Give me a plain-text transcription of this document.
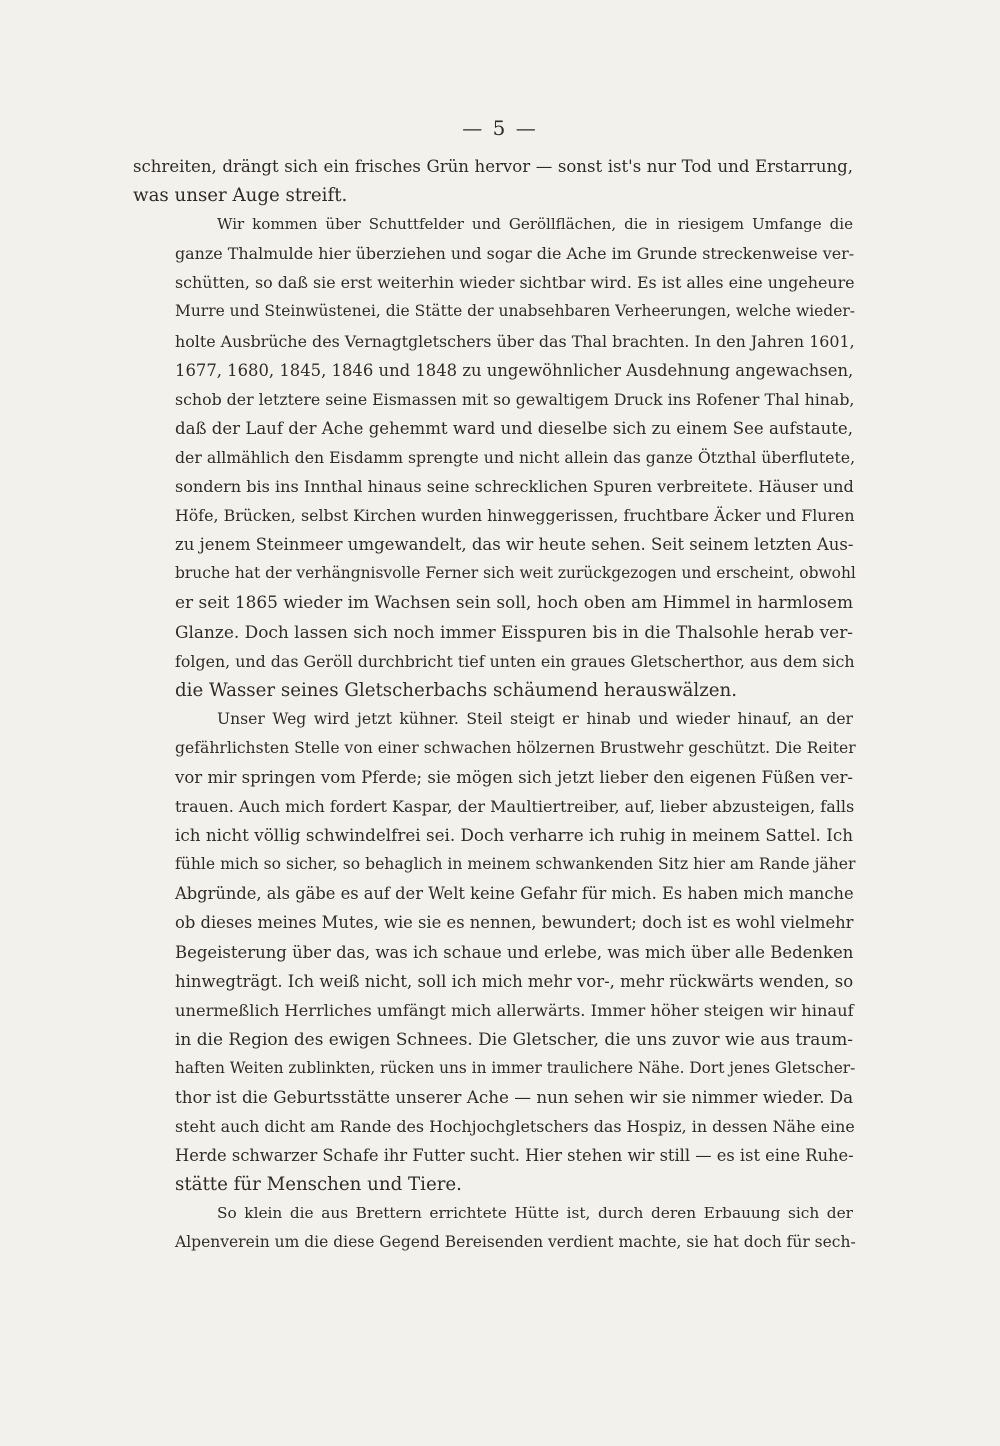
— 5 —
schreiten, drängt sich ein frisches Grün hervor — sonst ist's nur Tod und Erstarrung,
was unser Auge streift.
Wir kommen über Schuttfelder und Geröllflächen, die in riesigem Umfange die
ganze Thalmulde hier überziehen und sogar die Ache im Grunde streckenweise ver-
schütten, so daß sie erst weiterhin wieder sichtbar wird. Es ist alles eine ungeheure
Murre und Steinwüstenei, die Stätte der unabsehbaren Verheerungen, welche wieder-
holte Ausbrüche des Vernagtgletschers über das Thal brachten. In den Jahren 1601,
1677, 1680, 1845, 1846 und 1848 zu ungewöhnlicher Ausdehnung angewachsen,
schob der letztere seine Eismassen mit so gewaltigem Druck ins Rofener Thal hinab,
daß der Lauf der Ache gehemmt ward und dieselbe sich zu einem See aufstaute,
der allmählich den Eisdamm sprengte und nicht allein das ganze Ötzthal überflutete,
sondern bis ins Innthal hinaus seine schrecklichen Spuren verbreitete. Häuser und
Höfe, Brücken, selbst Kirchen wurden hinweggerissen, fruchtbare Äcker und Fluren
zu jenem Steinmeer umgewandelt, das wir heute sehen. Seit seinem letzten Aus-
bruche hat der verhängnisvolle Ferner sich weit zurückgezogen und erscheint, obwohl
er seit 1865 wieder im Wachsen sein soll, hoch oben am Himmel in harmlosem
Glanze. Doch lassen sich noch immer Eisspuren bis in die Thalsohle herab ver-
folgen, und das Geröll durchbricht tief unten ein graues Gletscherthor, aus dem sich
die Wasser seines Gletscherbachs schäumend herauswälzen.
Unser Weg wird jetzt kühner. Steil steigt er hinab und wieder hinauf, an der
gefährlichsten Stelle von einer schwachen hölzernen Brustwehr geschützt. Die Reiter
vor mir springen vom Pferde; sie mögen sich jetzt lieber den eigenen Füßen ver-
trauen. Auch mich fordert Kaspar, der Maultiertreiber, auf, lieber abzusteigen, falls
ich nicht völlig schwindelfrei sei. Doch verharre ich ruhig in meinem Sattel. Ich
fühle mich so sicher, so behaglich in meinem schwankenden Sitz hier am Rande jäher
Abgründe, als gäbe es auf der Welt keine Gefahr für mich. Es haben mich manche
ob dieses meines Mutes, wie sie es nennen, bewundert; doch ist es wohl vielmehr
Begeisterung über das, was ich schaue und erlebe, was mich über alle Bedenken
hinwegträgt. Ich weiß nicht, soll ich mich mehr vor-, mehr rückwärts wenden, so
unermeßlich Herrliches umfängt mich allerwärts. Immer höher steigen wir hinauf
in die Region des ewigen Schnees. Die Gletscher, die uns zuvor wie aus traum-
haften Weiten zublinkten, rücken uns in immer traulichere Nähe. Dort jenes Gletscher-
thor ist die Geburtsstätte unserer Ache — nun sehen wir sie nimmer wieder. Da
steht auch dicht am Rande des Hochjochgletschers das Hospiz, in dessen Nähe eine
Herde schwarzer Schafe ihr Futter sucht. Hier stehen wir still — es ist eine Ruhe-
stätte für Menschen und Tiere.
So klein die aus Brettern errichtete Hütte ist, durch deren Erbauung sich der
Alpenverein um die diese Gegend Bereisenden verdient machte, sie hat doch für sech-
